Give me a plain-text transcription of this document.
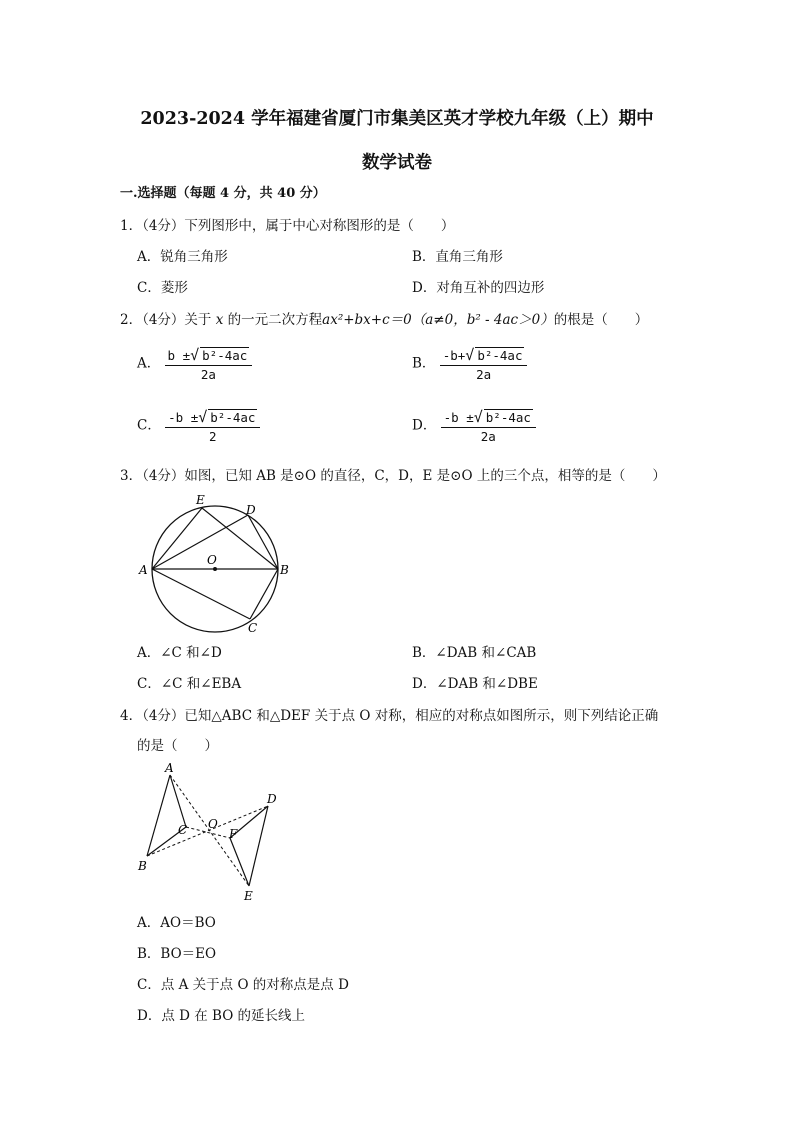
2023-2024 学年福建省厦门市集美区英才学校九年级（上）期中
数学试卷
一.选择题（每题 4 分，共 40 分）
1．（4分）下列图形中，属于中心对称图形的是（　　）
A．锐角三角形	B．直角三角形
C．菱形	D．对角互补的四边形
2．（4分）关于 x 的一元二次方程ax²+bx+c＝0（a≠0，b² - 4ac＞0）的根是（　　）
A． $\frac{\text{b ±√ b²-4ac}}{2a}$	B． $\frac{\text{-b+√ b²-4ac}}{2a}$
C． $\frac{\text{-b ±√ b²-4ac}}{2}$	D． $\frac{\text{-b ±√ b²-4ac}}{2a}$
3．（4分）如图，已知 AB 是⊙O 的直径，C，D，E 是⊙O 上的三个点，相等的是（　　）
E
D
A	B
O
C
A．∠C 和∠D	B．∠DAB 和∠CAB
C．∠C 和∠EBA	D．∠DAB 和∠DBE
4．（4分）已知△ABC 和△DEF 关于点 O 对称，相应的对称点如图所示，则下列结论正确
的是（　　）
A
B
C O
F
D
E
A．AO＝BO
B．BO＝EO
C．点 A 关于点 O 的对称点是点 D
D．点 D 在 BO 的延长线上
